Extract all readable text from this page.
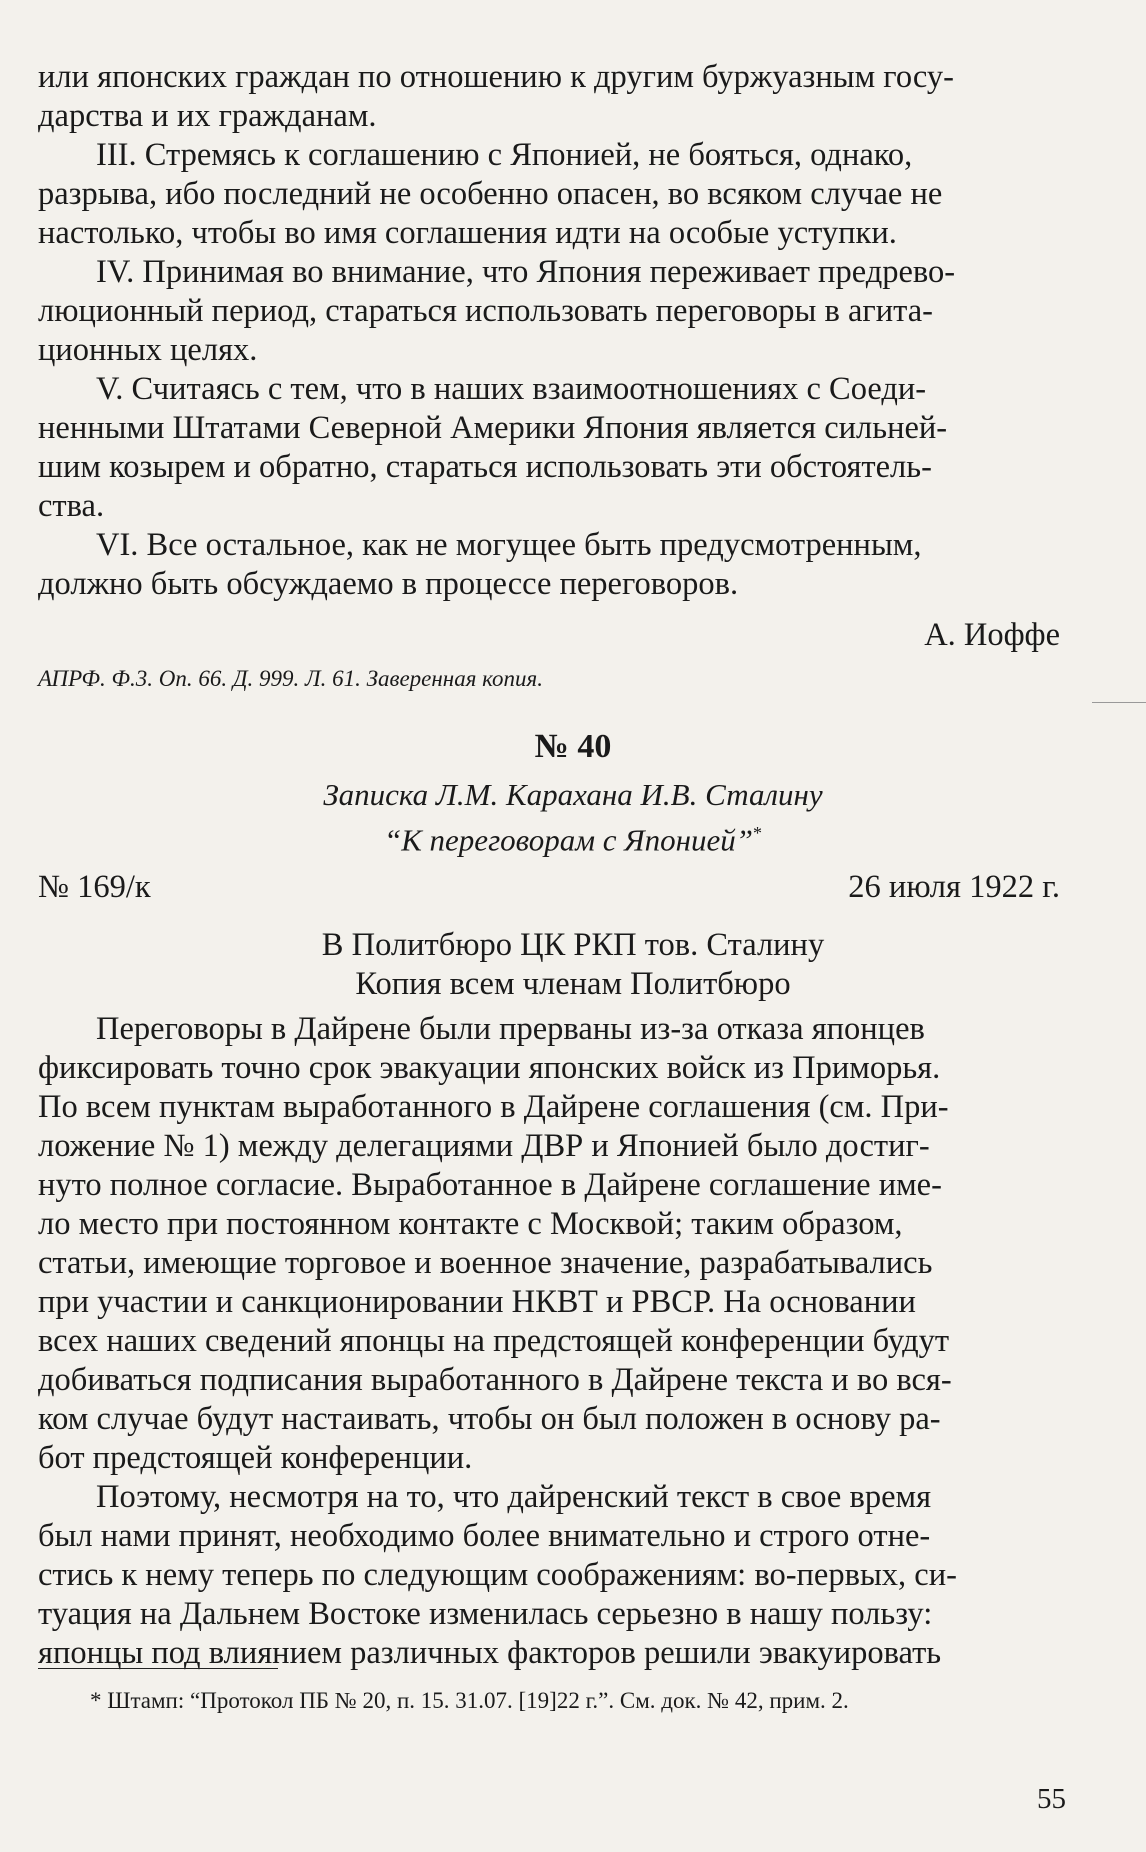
или японских граждан по отношению к другим буржуазным госу-
дарства и их гражданам.

III. Стремясь к соглашению с Японией, не бояться, однако,
разрыва, ибо последний не особенно опасен, во всяком случае не
настолько, чтобы во имя соглашения идти на особые уступки.

IV. Принимая во внимание, что Япония переживает предрево-
люционный период, стараться использовать переговоры в агита-
ционных целях.

V. Считаясь с тем, что в наших взаимоотношениях с Соеди-
ненными Штатами Северной Америки Япония является сильней-
шим козырем и обратно, стараться использовать эти обстоятель-
ства.

VI. Все остальное, как не могущее быть предусмотренным,
должно быть обсуждаемо в процессе переговоров.

А. Иоффе
АПРФ. Ф.3. Оп. 66. Д. 999. Л. 61. Заверенная копия.
№ 40
Записка Л.М. Карахана И.В. Сталину
“К переговорам с Японией”*
№ 169/к	26 июля 1922 г.
В Политбюро ЦК РКП тов. Сталину
Копия всем членам Политбюро

Переговоры в Дайрене были прерваны из-за отказа японцев
фиксировать точно срок эвакуации японских войск из Приморья.
По всем пунктам выработанного в Дайрене соглашения (см. При-
ложение № 1) между делегациями ДВР и Японией было достиг-
нуто полное согласие. Выработанное в Дайрене соглашение име-
ло место при постоянном контакте с Москвой; таким образом,
статьи, имеющие торговое и военное значение, разрабатывались
при участии и санкционировании НКВТ и РВСР. На основании
всех наших сведений японцы на предстоящей конференции будут
добиваться подписания выработанного в Дайрене текста и во вся-
ком случае будут настаивать, чтобы он был положен в основу ра-
бот предстоящей конференции.

Поэтому, несмотря на то, что дайренский текст в свое время
был нами принят, необходимо более внимательно и строго отне-
стись к нему теперь по следующим соображениям: во-первых, си-
туация на Дальнем Востоке изменилась серьезно в нашу пользу:
японцы под влиянием различных факторов решили эвакуировать

* Штамп: “Протокол ПБ № 20, п. 15. 31.07. [19]22 г.”. См. док. № 42, прим. 2.
55
